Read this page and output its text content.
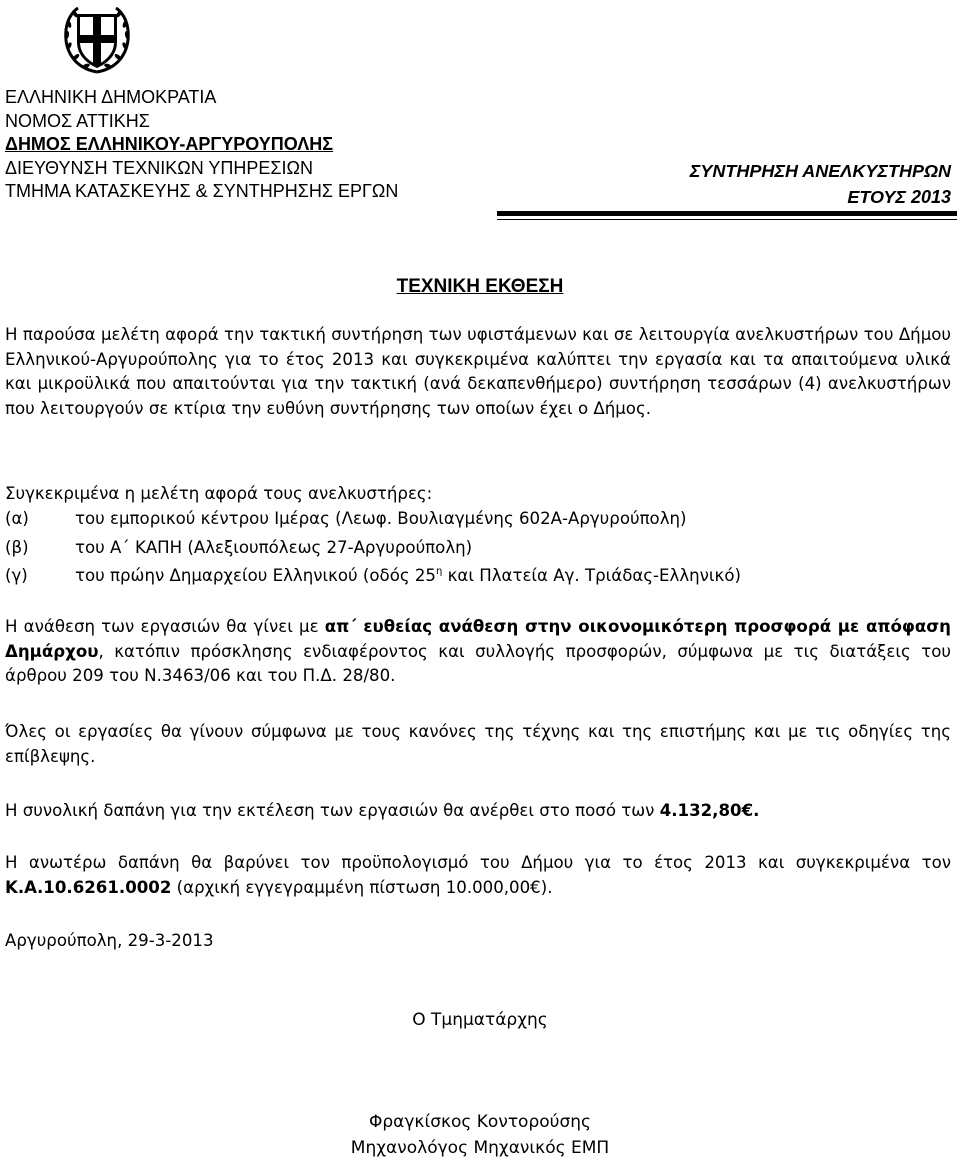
ΕΛΛΗΝΙΚΗ ΔΗΜΟΚΡΑΤΙΑ
ΝΟΜΟΣ ΑΤΤΙΚΗΣ
ΔΗΜΟΣ ΕΛΛΗΝΙΚΟΥ-ΑΡΓΥΡΟΥΠΟΛΗΣ
ΔΙΕΥΘΥΝΣΗ ΤΕΧΝΙΚΩΝ ΥΠΗΡΕΣΙΩΝ
ΤΜΗΜΑ ΚΑΤΑΣΚΕΥΗΣ & ΣΥΝΤΗΡΗΣΗΣ ΕΡΓΩΝ
ΣΥΝΤΗΡΗΣΗ ΑΝΕΛΚΥΣΤΗΡΩΝ
ΕΤΟΥΣ 2013
ΤΕΧΝΙΚΗ ΕΚΘΕΣΗ
Η παρούσα μελέτη αφορά την τακτική συντήρηση των υφιστάμενων και σε λειτουργία ανελκυστήρων του Δήμου Ελληνικού-Αργυρούπολης για το έτος 2013 και συγκεκριμένα καλύπτει την εργασία και τα απαιτούμενα υλικά και μικροϋλικά που απαιτούνται για την τακτική (ανά δεκαπενθήμερο) συντήρηση τεσσάρων (4) ανελκυστήρων που λειτουργούν σε κτίρια την ευθύνη συντήρησης των οποίων έχει ο Δήμος.
Συγκεκριμένα η μελέτη αφορά τους ανελκυστήρες:
(α)	του εμπορικού κέντρου Ιμέρας (Λεωφ. Βουλιαγμένης 602Α-Αργυρούπολη)
(β)	του Α΄ ΚΑΠΗ (Αλεξιουπόλεως 27-Αργυρούπολη)
(γ)	του πρώην Δημαρχείου Ελληνικού (οδός $25^\eta$ και Πλατεία Αγ. Τριάδας-Ελληνικό)
Η ανάθεση των εργασιών θα γίνει με απ΄ ευθείας ανάθεση στην οικονομικότερη προσφορά με απόφαση Δημάρχου, κατόπιν πρόσκλησης ενδιαφέροντος και συλλογής προσφορών, σύμφωνα με τις διατάξεις του άρθρου 209 του Ν.3463/06 και του Π.Δ. 28/80.
Όλες οι εργασίες θα γίνουν σύμφωνα με τους κανόνες της τέχνης και της επιστήμης και με τις οδηγίες της επίβλεψης.
Η συνολική δαπάνη για την εκτέλεση των εργασιών θα ανέρθει στο ποσό των 4.132,80€.
Η ανωτέρω δαπάνη θα βαρύνει τον προϋπολογισμό του Δήμου για το έτος 2013 και συγκεκριμένα τον Κ.Α.10.6261.0002 (αρχική εγγεγραμμένη πίστωση 10.000,00€).
Αργυρούπολη, 29-3-2013
Ο Τμηματάρχης
Φραγκίσκος Κοντορούσης
Μηχανολόγος Μηχανικός ΕΜΠ
